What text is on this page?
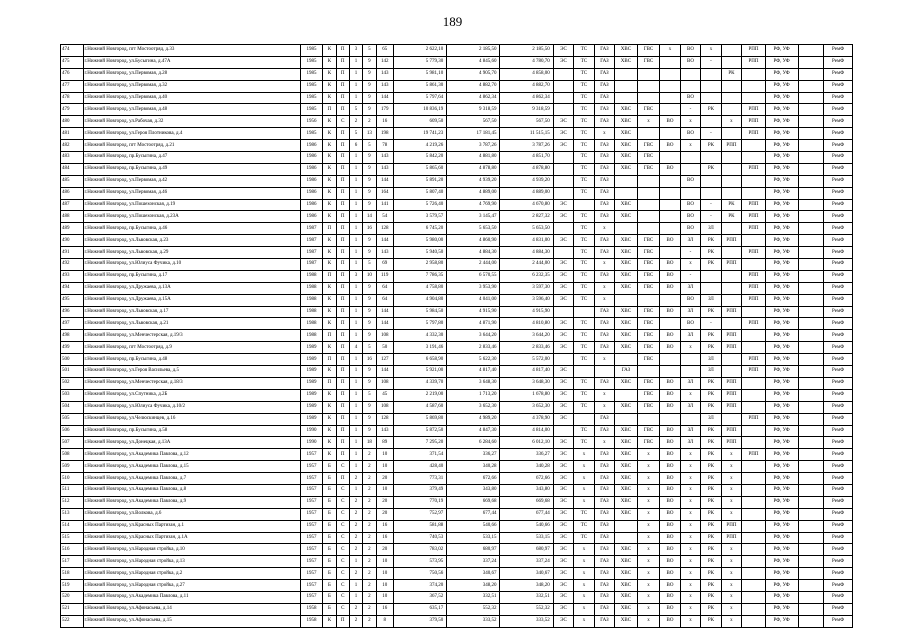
189
474	г.Нижний Новгород, пгт Мостоотряд, д.33	1985	К	П	3	5	65	2 622,10	2 185,50	2 185,50	ЭС	ТС	ГАЗ	ХВС	ГВС	х	ВО	х		РПП	РФ, УФ		РемФ
475	г.Нижний Новгород, ул.Бусыгина, д.47А	1985	К	П	1	9	142	5 779,30	4 845,60	4 780,70	ЭС	ТС	ГАЗ	ХВС	ГВС		ВО	-		РПП	РФ, УФ		РемФ
476	г.Нижний Новгород, ул.Первомая, д.28	1985	К	П	1	9	143	5 981,10	4 905,70	4 858,00		ТС	ГАЗ						РК		РФ, УФ		РемФ
477	г.Нижний Новгород, ул.Первомая, д.32	1985	К	П	1	9	143	5 861,30	4 882,70	4 882,70		ТС	ГАЗ								РФ, УФ		РемФ
478	г.Нижний Новгород, ул.Первомая, д.40	1985	К	П	1	9	144	5 797,64	4 862,34	4 862,34		ТС	ГАЗ				ВО				РФ, УФ		РемФ
479	г.Нижний Новгород, ул.Первомая, д.48	1985	П	П	5	9	179	10 836,19	9 318,59	9 318,59		ТС	ГАЗ	ХВС	ГВС		-	РК		РПП	РФ, УФ		РемФ
480	г.Нижний Новгород, ул.Рабочая, д.32	1956	К	С	2	2	16	609,50	567,50	567,50	ЭС	ТС	ГАЗ	ХВС	х	ВО	х		х	РПП	РФ, УФ		РемФ
481	г.Нижний Новгород, ул.Героя Плотникова, д.4	1985	К	П	5	13	198	19 741,23	17 181,45	11 515,15	ЭС	ТС	х	ХВС			ВО	-		РПП	РФ, УФ		РемФ
482	г.Нижний Новгород, пгт Мостоотряд, д.21	1986	К	П	6	5	78	4 219,26	3 787,26	3 787,26	ЭС	ТС	ГАЗ	ХВС	ГВС	ВО	х	РК	РПП		РФ, УФ		РемФ
483	г.Нижний Новгород, пр.Бусыгина, д.47	1986	К	П	1	9	143	5 842,20	4 881,80	4 851,70		ТС	ГАЗ	ХВС	ГВС						РФ, УФ		РемФ
484	г.Нижний Новгород, пр.Бусыгина, д.49	1986	К	П	1	9	143	5 865,60	4 878,80	4 878,80		ТС	ГАЗ	ХВС	ГВС	ВО		РК		РПП	РФ, УФ		РемФ
485	г.Нижний Новгород, ул.Первомая, д.42	1986	К	П	1	9	144	5 891,20	4 939,20	4 939,20		ТС	ГАЗ				ВО				РФ, УФ		РемФ
486	г.Нижний Новгород, ул.Первомая, д.46	1986	К	П	1	9	164	5 807,40	4 889,00	4 889,00		ТС	ГАЗ								РФ, УФ		РемФ
487	г.Нижний Новгород, ул.Пошехонская, д.19	1986	К	П	1	9	141	5 726,40	4 769,90	4 670,80	ЭС		ГАЗ	ХВС			ВО	-	РК	РПП	РФ, УФ		РемФ
488	г.Нижний Новгород, ул.Пошехонская, д.23А	1986	К	П	1	14	54	3 579,57	3 145,47	2 827,32	ЭС	ТС	ГАЗ	ХВС			ВО	-	РК	РПП	РФ, УФ		РемФ
489	г.Нижний Новгород, пр.Бусыгина, д.46	1987	П	П	1	16	128	6 745,20	5 653,50	5 653,50		ТС	х				ВО	ЗЛ		РПП	РФ, УФ		РемФ
490	г.Нижний Новгород, ул.Львовская, д.23	1987	К	П	1	9	144	5 980,00	4 860,90	4 831,00	ЭС	ТС	ГАЗ	ХВС	ГВС	ВО	ЗЛ	РК	РПП		РФ, УФ		РемФ
491	г.Нижний Новгород, ул.Львовская, д.29	1987	К	П	1	9	143	5 940,50	4 884,30	4 884,30		ТС	ГАЗ	ХВС	ГВС		-	РК		РПП	РФ, УФ		РемФ
492	г.Нижний Новгород, ул.Юлиуса Фучика, д.10	1987	К	П	1	5	69	2 958,80	2 444,00	2 444,00	ЭС	ТС	х	ХВС	ГВС	ВО	х	РК	РПП		РФ, УФ		РемФ
493	г.Нижний Новгород, пр.Бусыгина, д.17	1988	П	П	3	10	119	7 786,35	6 570,55	6 232,35	ЭС	ТС	ГАЗ	ХВС	ГВС	ВО	-			РПП	РФ, УФ		РемФ
494	г.Нижний Новгород, ул.Дружаева, д.13А	1988	К	П	1	9	64	4 758,80	3 953,90	3 597,30	ЭС	ТС	х	ХВС	ГВС	ВО	ЗЛ			РПП	РФ, УФ		РемФ
495	г.Нижний Новгород, ул.Дружаева, д.15А	1988	К	П	1	9	64	4 904,80	4 041,00	3 596,40	ЭС	ТС	х				ВО	ЗЛ		РПП	РФ, УФ		РемФ
496	г.Нижний Новгород, ул.Львовская, д.17	1988	К	П	1	9	144	5 984,50	4 915,90	4 915,90			ГАЗ	ХВС	ГВС	ВО	ЗЛ	РК	РПП		РФ, УФ		РемФ
497	г.Нижний Новгород, ул.Львовская, д.21	1988	К	П	1	9	144	5 797,80	4 871,90	4 810,80	ЭС	ТС	ГАЗ	ХВС	ГВС		ВО	-		РПП	РФ, УФ		РемФ
498	г.Нижний Новгород, ул.Менчестерская, д.19/3	1988	П	П	1	9	108	4 332,30	3 644,20	3 644,20	ЭС	ТС	ГАЗ	ХВС	ГВС	ВО	ЗЛ	РК	РПП		РФ, УФ		РемФ
499	г.Нижний Новгород, пгт Мостоотряд, д.9	1989	К	П	4	5	50	3 191,46	2 833,46	2 833,46	ЭС	ТС	ГАЗ	ХВС	ГВС	ВО	х	РК	РПП		РФ, УФ		РемФ
500	г.Нижний Новгород, пр.Бусыгина, д.48	1989	П	П	1	16	127	6 658,90	5 622,30	5 572,00		ТС	х		ГВС			ЗЛ		РПП	РФ, УФ		РемФ
501	г.Нижний Новгород, ул.Героя Васильева, д.5	1989	К	П	1	9	144	5 921,00	4 817,40	4 817,40	ЭС			ГАЗ				ЗЛ		РПП	РФ, УФ		РемФ
502	г.Нижний Новгород, ул.Менчестерская, д.18/3	1989	П	П	1	9	108	4 339,70	3 648,30	3 648,30	ЭС	ТС	ГАЗ	ХВС	ГВС	ВО	ЗЛ	РК	РПП		РФ, УФ		РемФ
503	г.Нижний Новгород, ул.Спутника, д.2Б	1989	К	П	1	5	45	2 219,00	1 713,20	1 678,80	ЭС	ТС	х		ГВС	ВО	х	РК	РПП		РФ, УФ		РемФ
504	г.Нижний Новгород, ул.Юлиуса Фучика, д.10/2	1989	К	П	1	9	108	4 587,60	3 652,30	3 652,30	ЭС	ТС	х	ХВС	ГВС	ВО	ЗЛ	РК	РПП		РФ, УФ		РемФ
505	г.Нижний Новгород, ул.Челюскинцев, д.16	1989	К	П	1	9	128	5 869,80	4 989,20	4 378,90	ЭС		ГАЗ					ЗЛ		РПП	РФ, УФ		РемФ
506	г.Нижний Новгород, пр.Бусыгина, д.58	1990	К	П	1	9	143	5 872,50	4 847,30	4 814,00		ТС	ГАЗ	ХВС	ГВС	ВО	ЗЛ	РК	РПП		РФ, УФ		РемФ
507	г.Нижний Новгород, ул.Донецкая, д.13А	1990	К	П	1	18	89	7 295,20	6 284,60	6 012,10	ЭС	ТС	х	ХВС	ГВС	ВО	ЗЛ	РК	РПП		РФ, УФ		РемФ
508	г.Нижний Новгород, ул.Академика Павлова, д.12	1957	К	П	1	2	10	371,54	336,27	336,27	ЭС	х	ГАЗ	ХВС	х	ВО	х	РК	х	РПП	РФ, УФ		РемФ
509	г.Нижний Новгород, ул.Академика Павлова, д.15	1957	Б	С	1	2	10	428,40	340,28	340,28	ЭС	х	ГАЗ	ХВС	х	ВО	х	РК	х		РФ, УФ		РемФ
510	г.Нижний Новгород, ул.Академика Павлова, д.7	1957	Б	П	2	2	20	773,31	672,66	672,66	ЭС	х	ГАЗ	ХВС	х	ВО	х	РК	х		РФ, УФ		РемФ
511	г.Нижний Новгород, ул.Академика Павлова, д.8	1957	Б	С	1	2	10	379,49	343,80	343,80	ЭС	х	ГАЗ	ХВС	х	ВО	х	РК	х		РФ, УФ		РемФ
512	г.Нижний Новгород, ул.Академика Павлова, д.9	1957	Б	С	2	2	20	770,19	669,68	669,68	ЭС	х	ГАЗ	ХВС	х	ВО	х	РК	х		РФ, УФ		РемФ
513	г.Нижний Новгород, ул.Волкова, д.6	1957	Б	С	2	2	20	752,97	677,44	677,44	ЭС	ТС	ГАЗ	ХВС	х	ВО	х	РК	х		РФ, УФ		РемФ
514	г.Нижний Новгород, ул.Красных Партизан, д.1	1957	Б	С	2	2	16	581,88	540,66	540,66	ЭС	ТС	ГАЗ		х	ВО	х	РК	РПП		РФ, УФ		РемФ
515	г.Нижний Новгород, ул.Красных Партизан, д.1А	1957	Б	С	2	2	16	740,53	533,15	533,15	ЭС	ТС	ГАЗ		х	ВО	х	РК	РПП		РФ, УФ		РемФ
516	г.Нижний Новгород, ул.Народная стройка, д.10	1957	Б	С	2	2	20	783,02	680,97	680,97	ЭС	х	ГАЗ	ХВС	х	ВО	х	РК	х		РФ, УФ		РемФ
517	г.Нижний Новгород, ул.Народная стройка, д.13	1957	Б	С	1	2	10	573,95	337,24	337,24	ЭС	х	ГАЗ	ХВС	х	ВО	х	РК	х		РФ, УФ		РемФ
518	г.Нижний Новгород, ул.Народная стройка, д.2	1957	Б	С	2	2	10	750,56	340,67	340,67	ЭС	х	ГАЗ	ХВС	х	ВО	х	РК	х		РФ, УФ		РемФ
519	г.Нижний Новгород, ул.Народная стройка, д.27	1957	Б	С	1	2	10	374,20	348,20	348,20	ЭС	х	ГАЗ	ХВС	х	ВО	х	РК	х		РФ, УФ		РемФ
520	г.Нижний Новгород, ул.Академика Павлова, д.11	1957	Б	С	1	2	10	367,52	332,51	332,51	ЭС	х	ГАЗ	ХВС	х	ВО	х	РК	х		РФ, УФ		РемФ
521	г.Нижний Новгород, ул.Афонасьева, д.14	1958	Б	С	2	2	16	635,17	552,32	552,32	ЭС	х	ГАЗ	ХВС	х	ВО	х	РК	х		РФ, УФ		РемФ
522	г.Нижний Новгород, ул.Афонасьева, д.15	1958	К	П	2	2	8	379,50	333,52	333,52	ЭС	х	ГАЗ	ХВС	х	ВО	х	РК	х		РФ, УФ		РемФ
